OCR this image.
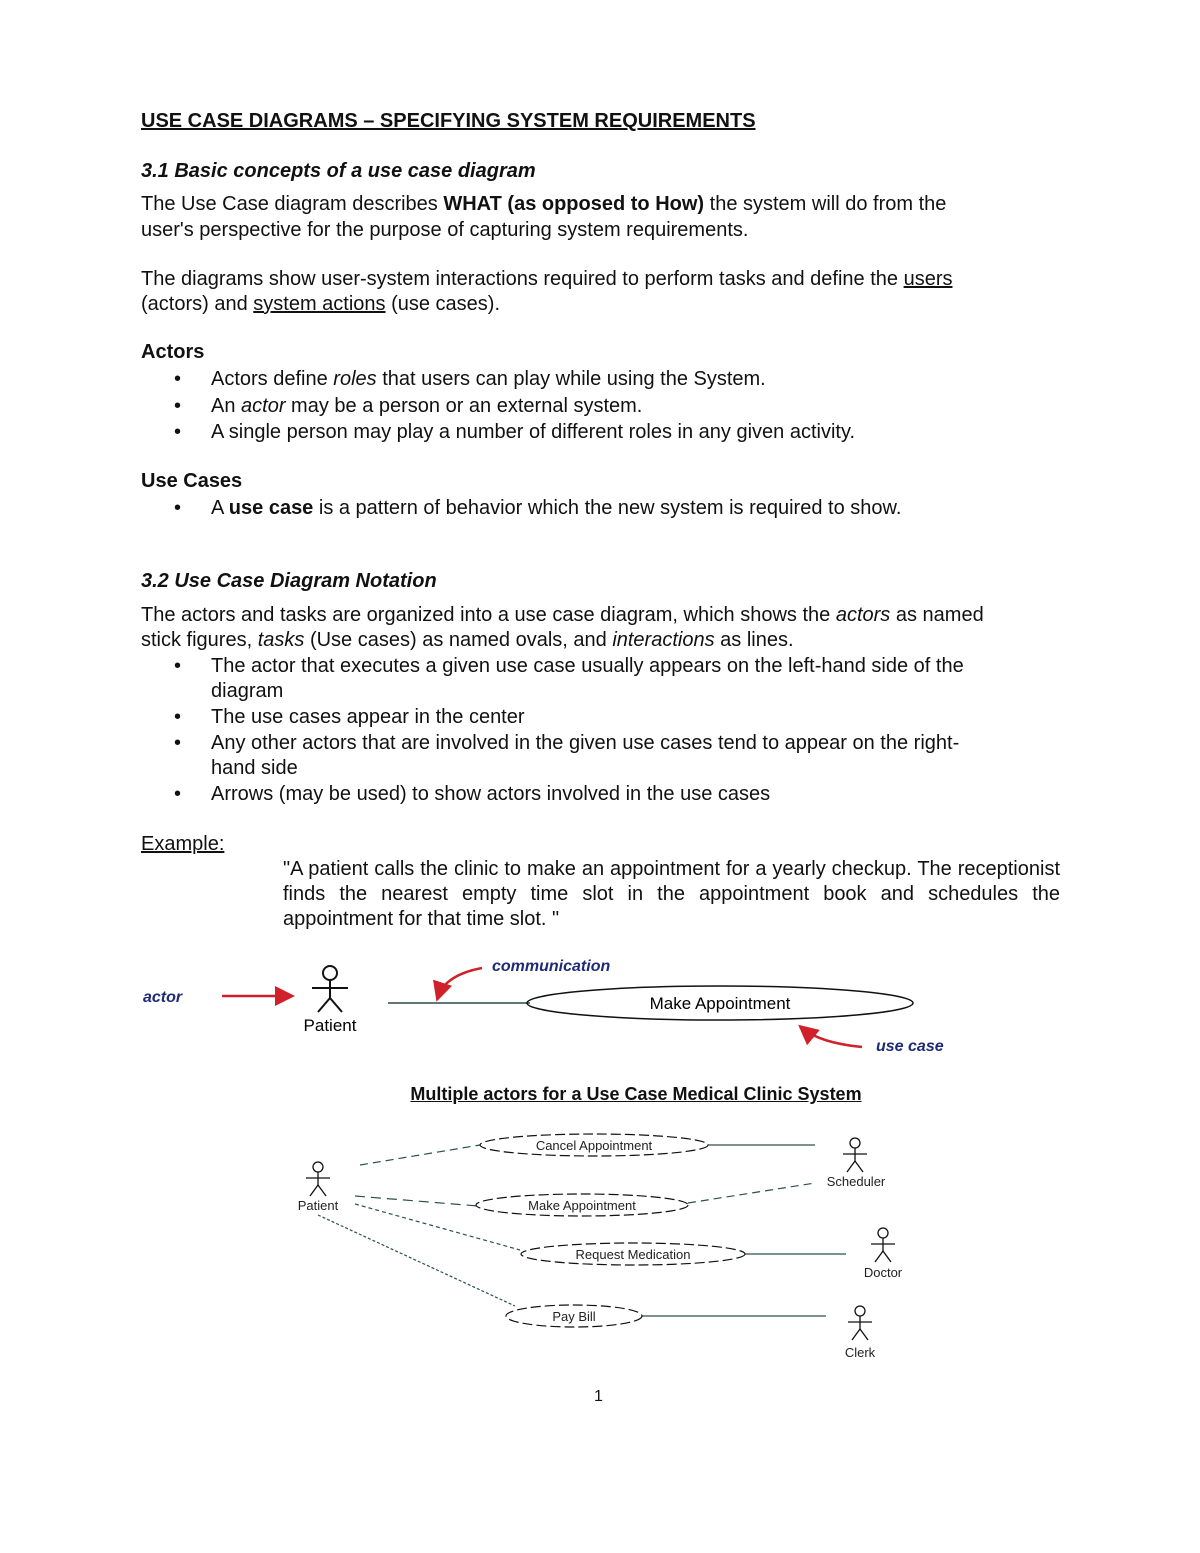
USE CASE DIAGRAMS – SPECIFYING SYSTEM REQUIREMENTS
3.1 Basic concepts of a use case diagram
The Use Case diagram describes WHAT (as opposed to How) the system will do from the
user's perspective for the purpose of capturing system requirements.
The diagrams show user-system interactions required to perform tasks and define the users
(actors) and system actions (use cases).
Actors
• Actors define roles that users can play while using the System.
• An actor may be a person or an external system.
• A single person may play a number of different roles in any given activity.
Use Cases
• A use case is a pattern of behavior which the new system is required to show.
3.2 Use Case Diagram Notation
The actors and tasks are organized into a use case diagram, which shows the actors as named
stick figures, tasks (Use cases) as named ovals, and interactions as lines.
• The actor that executes a given use case usually appears on the left-hand side of the
diagram
• The use cases appear in the center
• Any other actors that are involved in the given use cases tend to appear on the right-
hand side
• Arrows (may be used) to show actors involved in the use cases
Example:
"A patient calls the clinic to make an appointment for a yearly checkup. The receptionist finds the nearest empty time slot in the appointment book and schedules the appointment for that time slot. "
actor
Patient
communication
Make Appointment
use case
Multiple actors for a Use Case Medical Clinic System
Cancel Appointment
Make Appointment
Request Medication
Pay Bill
Patient
Scheduler
Doctor
Clerk
1
